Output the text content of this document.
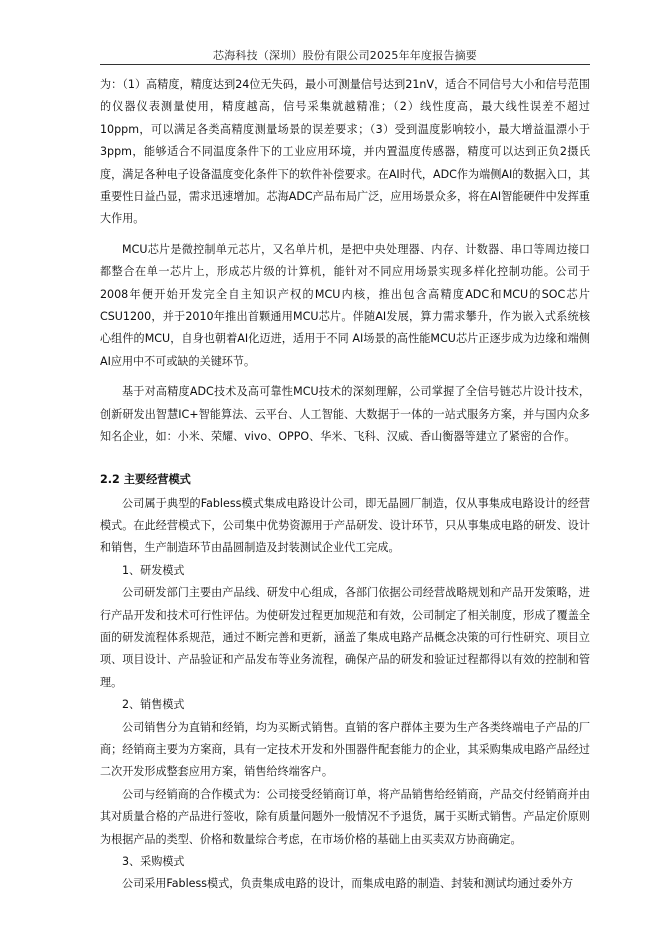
芯海科技（深圳）股份有限公司2025年年度报告摘要

为：（1）高精度，精度达到24位无失码，最小可测量信号达到21nV，适合不同信号大小和信号范围的仪器仪表测量使用，精度越高，信号采集就越精准；（2）线性度高，最大线性误差不超过10ppm，可以满足各类高精度测量场景的误差要求；（3）受到温度影响较小，最大增益温漂小于3ppm，能够适合不同温度条件下的工业应用环境，并内置温度传感器，精度可以达到正负2摄氏度，满足各种电子设备温度变化条件下的软件补偿要求。在AI时代，ADC作为端侧AI的数据入口，其重要性日益凸显，需求迅速增加。芯海ADC产品布局广泛，应用场景众多，将在AI智能硬件中发挥重大作用。

MCU芯片是微控制单元芯片，又名单片机，是把中央处理器、内存、计数器、串口等周边接口都整合在单一芯片上，形成芯片级的计算机，能针对不同应用场景实现多样化控制功能。公司于2008年便开始开发完全自主知识产权的MCU内核，推出包含高精度ADC和MCU的SOC芯片CSU1200，并于2010年推出首颗通用MCU芯片。伴随AI发展，算力需求攀升，作为嵌入式系统核心组件的MCU，自身也朝着AI化迈进，适用于不同 AI场景的高性能MCU芯片正逐步成为边缘和端侧AI应用中不可或缺的关键环节。

基于对高精度ADC技术及高可靠性MCU技术的深刻理解，公司掌握了全信号链芯片设计技术，创新研发出智慧IC+智能算法、云平台、人工智能、大数据于一体的一站式服务方案，并与国内众多知名企业，如：小米、荣耀、vivo、OPPO、华米、飞科、汉威、香山衡器等建立了紧密的合作。

2.2 主要经营模式

公司属于典型的Fabless模式集成电路设计公司，即无晶圆厂制造，仅从事集成电路设计的经营模式。在此经营模式下，公司集中优势资源用于产品研发、设计环节，只从事集成电路的研发、设计和销售，生产制造环节由晶圆制造及封装测试企业代工完成。

1、研发模式

公司研发部门主要由产品线、研发中心组成，各部门依据公司经营战略规划和产品开发策略，进行产品开发和技术可行性评估。为使研发过程更加规范和有效，公司制定了相关制度，形成了覆盖全面的研发流程体系规范，通过不断完善和更新，涵盖了集成电路产品概念决策的可行性研究、项目立项、项目设计、产品验证和产品发布等业务流程，确保产品的研发和验证过程都得以有效的控制和管理。

2、销售模式

公司销售分为直销和经销，均为买断式销售。直销的客户群体主要为生产各类终端电子产品的厂商；经销商主要为方案商，具有一定技术开发和外围器件配套能力的企业，其采购集成电路产品经过二次开发形成整套应用方案，销售给终端客户。

公司与经销商的合作模式为：公司接受经销商订单，将产品销售给经销商，产品交付经销商并由其对质量合格的产品进行签收，除有质量问题外一般情况不予退货，属于买断式销售。产品定价原则为根据产品的类型、价格和数量综合考虑，在市场价格的基础上由买卖双方协商确定。

3、采购模式

公司采用Fabless模式，负责集成电路的设计，而集成电路的制造、封装和测试均通过委外方
